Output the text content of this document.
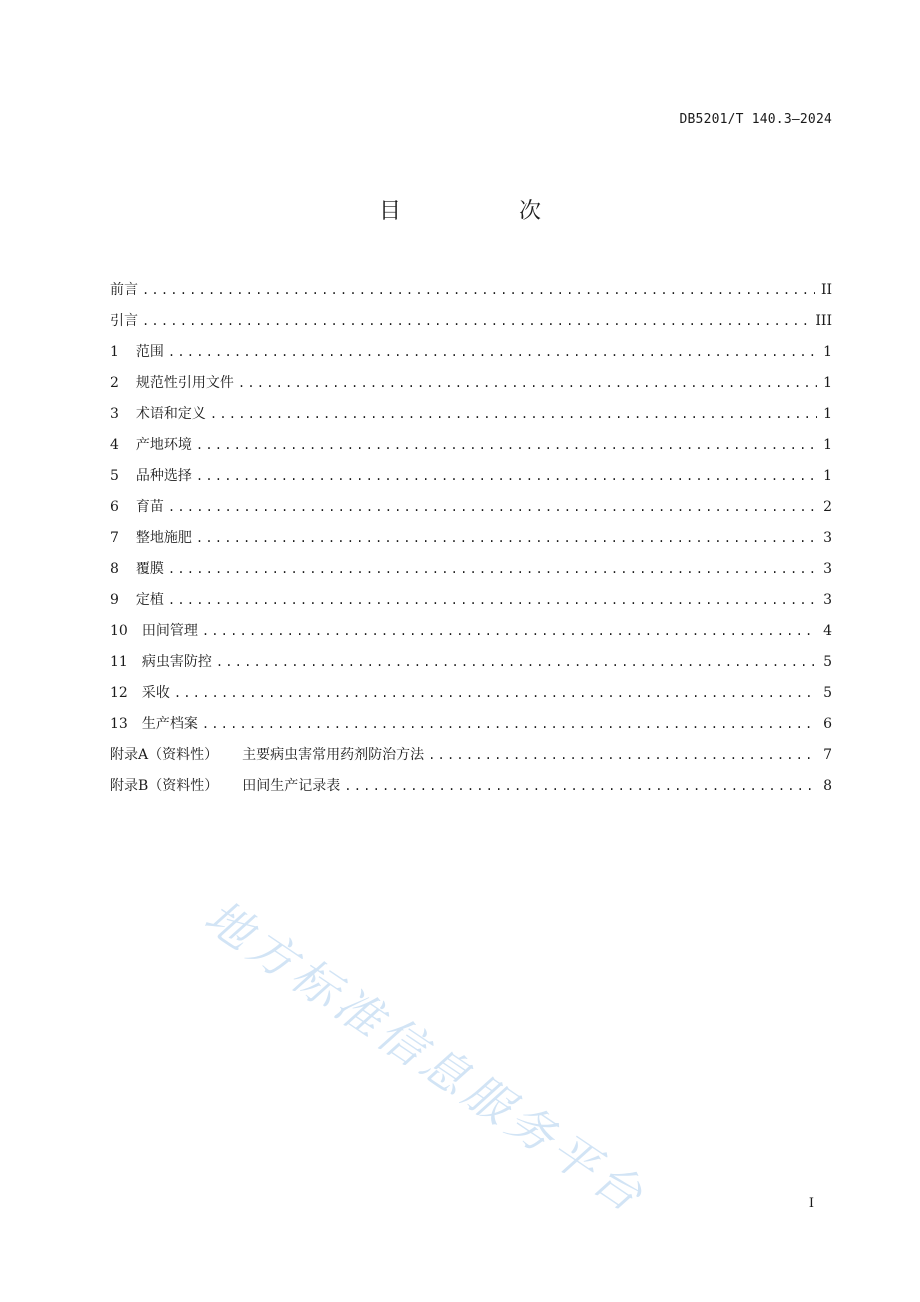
DB5201/T 140.3—2024
目　次
前言 .....	II
引言 .....	III
1 范围 .....	1
2 规范性引用文件 .....	1
3 术语和定义 .....	1
4 产地环境 .....	1
5 品种选择 .....	1
6 育苗 .....	2
7 整地施肥 .....	3
8 覆膜 .....	3
9 定植 .....	3
10 田间管理 .....	4
11 病虫害防控 .....	5
12 采收 .....	5
13 生产档案 .....	6
附录A（资料性） 主要病虫害常用药剂防治方法 .....	7
附录B（资料性） 田间生产记录表 .....	8
地方标准信息服务平台	I
